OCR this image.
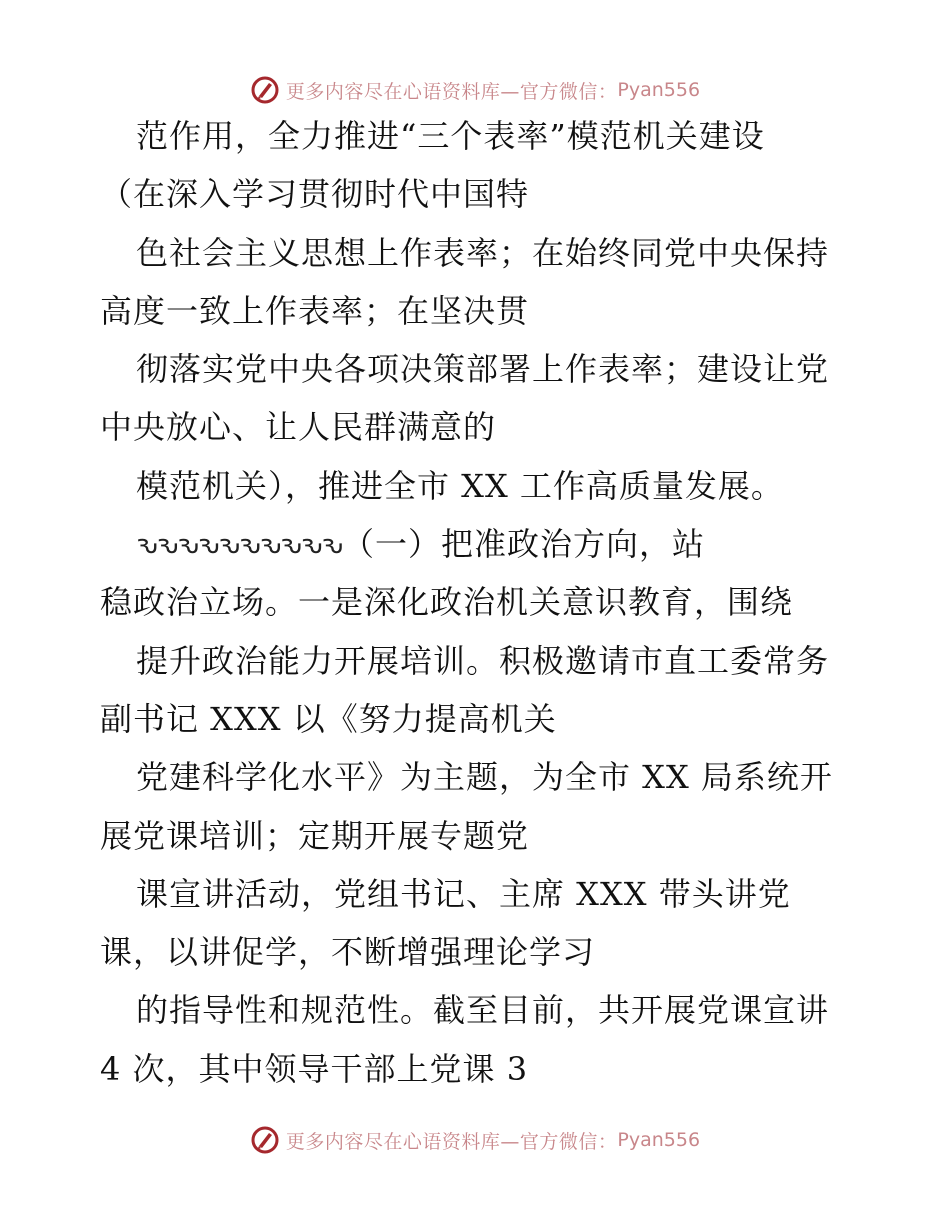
更多内容尽在心语资料库—官方微信： Pyan556
范作用，全力推进“三个表率”模范机关建设
（在深入学习贯彻时代中国特
色社会主义思想上作表率；在始终同党中央保持
高度一致上作表率；在坚决贯
彻落实党中央各项决策部署上作表率；建设让党
中央放心、让人民群满意的
模范机关），推进全市 XX 工作高质量发展。
ԅԅԅԅԅԅԅԅԅԅ（一）把准政治方向，站
稳政治立场。一是深化政治机关意识教育，围绕
提升政治能力开展培训。积极邀请市直工委常务
副书记 XXX 以《努力提高机关
党建科学化水平》为主题，为全市 XX 局系统开
展党课培训；定期开展专题党
课宣讲活动，党组书记、主席 XXX 带头讲党
课，以讲促学，不断增强理论学习
的指导性和规范性。截至目前，共开展党课宣讲
4 次，其中领导干部上党课 3
更多内容尽在心语资料库—官方微信： Pyan556
